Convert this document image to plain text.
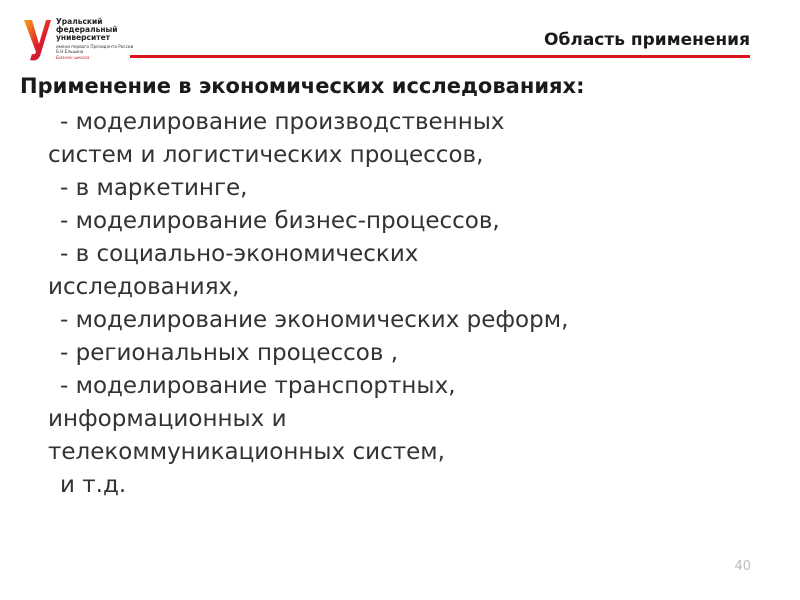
Уральский
федеральный
университет
имени первого Президента России Б.Н.Ельцина
Бизнес-школа
Область применения
Применение в экономических исследованиях:

- моделирование производственных
систем и логистических процессов,

- в маркетинге,

- моделирование бизнес-процессов,

- в социально-экономических
исследованиях,

- моделирование экономических реформ,

- региональных процессов ,

- моделирование транспортных,
информационных и
телекоммуникационных систем,

и т.д.

40
